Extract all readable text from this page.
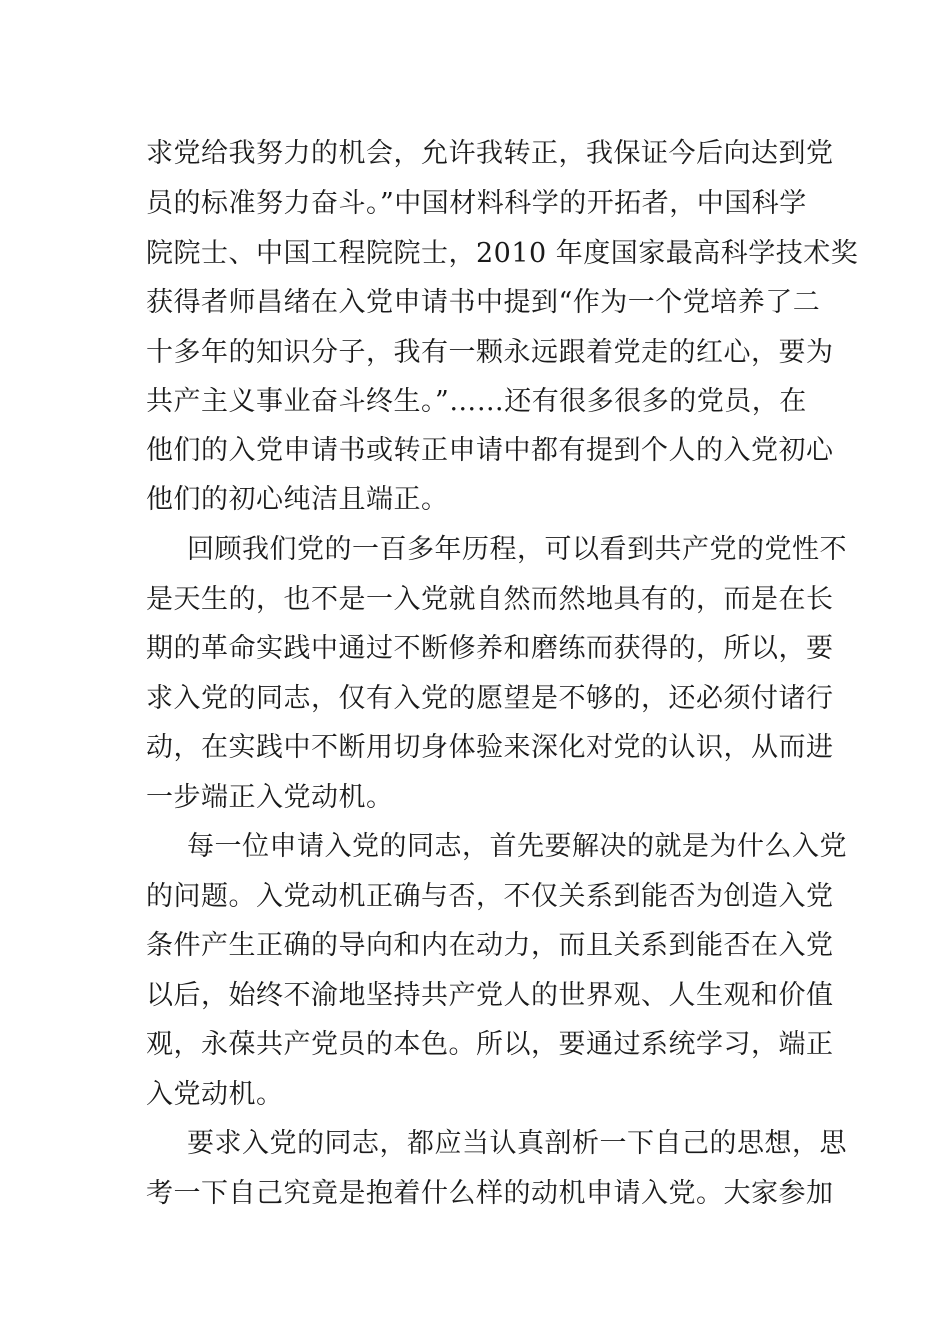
求党给我努力的机会，允许我转正，我保证今后向达到党
员的标准努力奋斗。”中国材料科学的开拓者，中国科学
院院士、中国工程院院士，2010 年度国家最高科学技术奖
获得者师昌绪在入党申请书中提到“作为一个党培养了二
十多年的知识分子，我有一颗永远跟着党走的红心，要为
共产主义事业奋斗终生。”……还有很多很多的党员，在
他们的入党申请书或转正申请中都有提到个人的入党初心
他们的初心纯洁且端正。
回顾我们党的一百多年历程，可以看到共产党的党性不
是天生的，也不是一入党就自然而然地具有的，而是在长
期的革命实践中通过不断修养和磨练而获得的，所以，要
求入党的同志，仅有入党的愿望是不够的，还必须付诸行
动，在实践中不断用切身体验来深化对党的认识，从而进
一步端正入党动机。
每一位申请入党的同志，首先要解决的就是为什么入党
的问题。入党动机正确与否，不仅关系到能否为创造入党
条件产生正确的导向和内在动力，而且关系到能否在入党
以后，始终不渝地坚持共产党人的世界观、人生观和价值
观，永葆共产党员的本色。所以，要通过系统学习，端正
入党动机。
要求入党的同志，都应当认真剖析一下自己的思想，思
考一下自己究竟是抱着什么样的动机申请入党。大家参加
